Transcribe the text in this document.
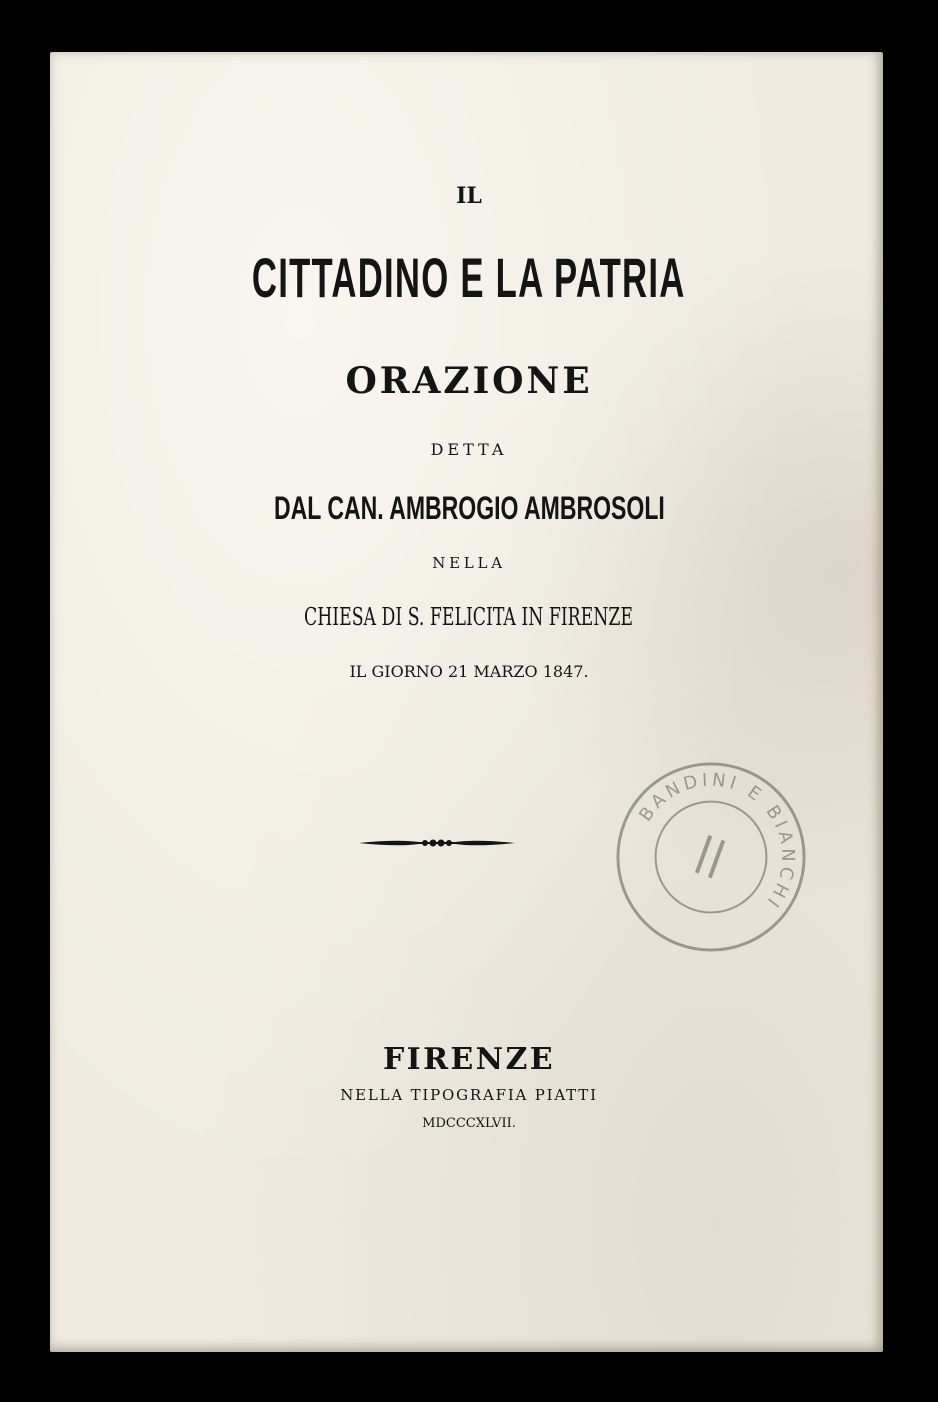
IL
CITTADINO E LA PATRIA
ORAZIONE
DETTA
DAL CAN. AMBROGIO AMBROSOLI
NELLA
CHIESA DI S. FELICITA IN FIRENZE
IL GIORNO 21 MARZO 1847.
BANDINI E BIANCHI
FIRENZE
NELLA TIPOGRAFIA PIATTI
MDCCCXLVII.
